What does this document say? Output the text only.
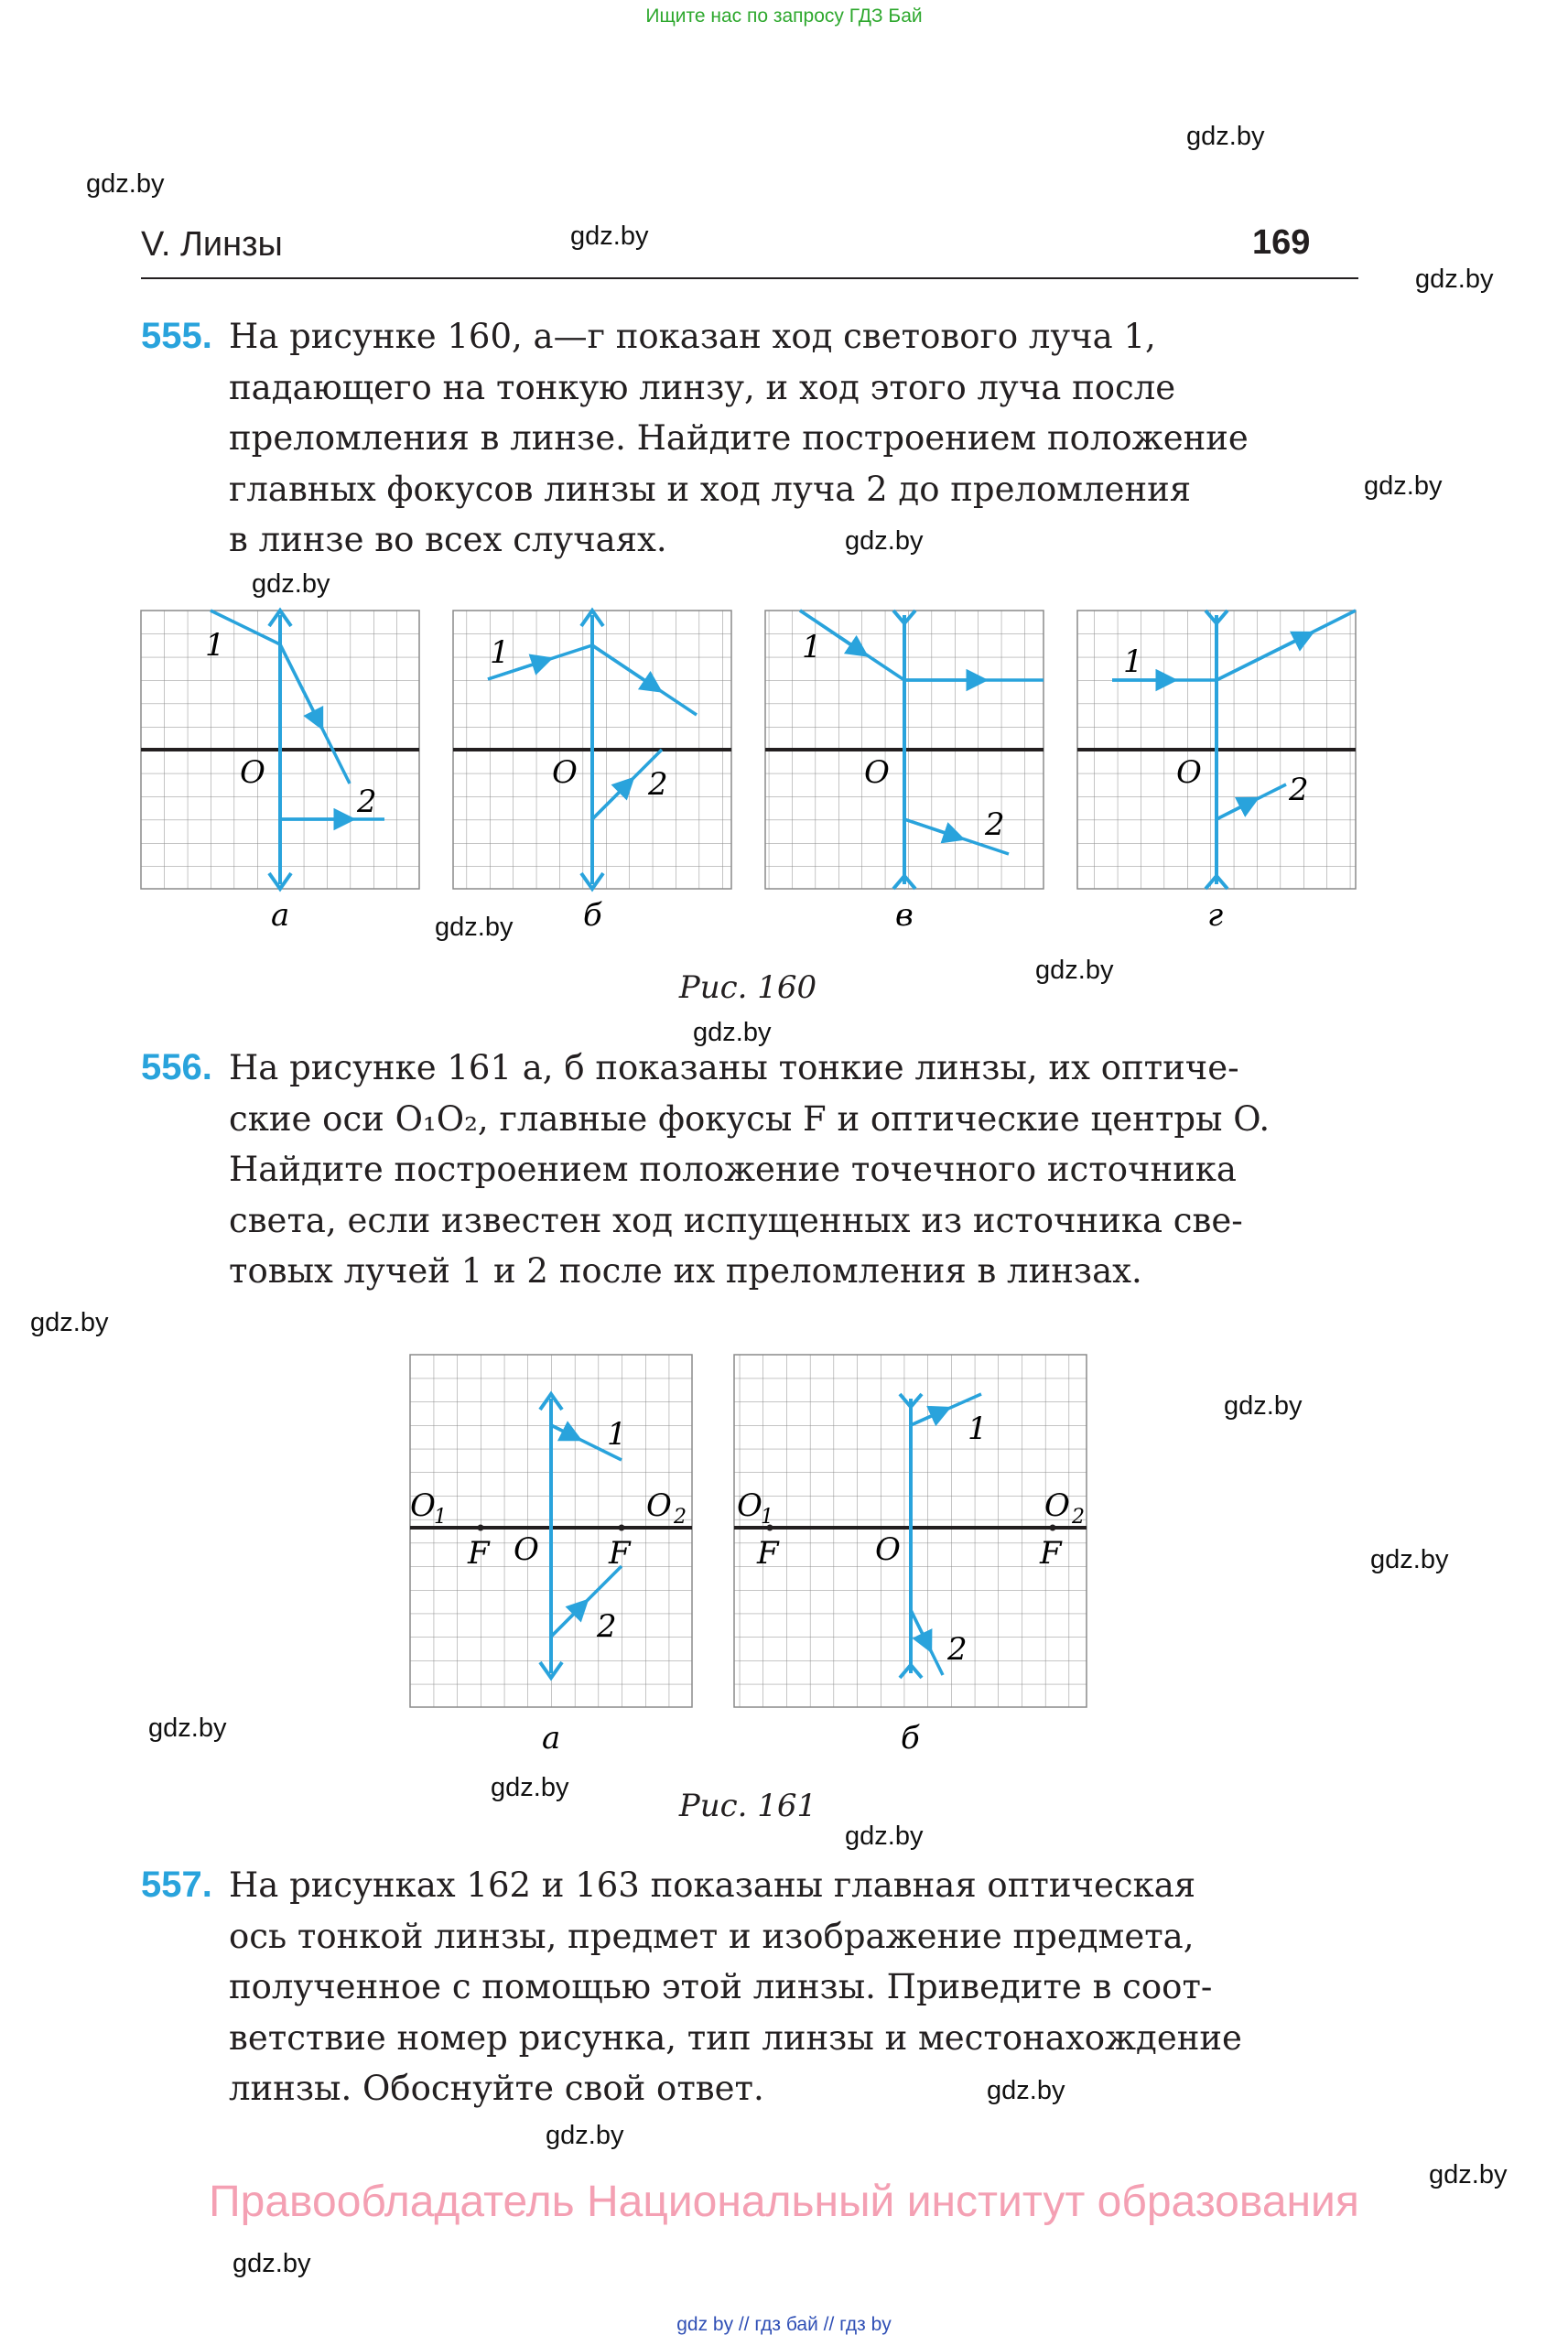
Ищите нас по запросу ГДЗ Бай
gdz.by
gdz.by
gdz.by
gdz.by
gdz.by
gdz.by
gdz.by
gdz.by
gdz.by
gdz.by
gdz.by
gdz.by
gdz.by
gdz.by
gdz.by
gdz.by
gdz.by
gdz.by
gdz.by
gdz.by
V. Линзы	169
555. На рисунке 160, а—г показан ход светового луча 1,
падающего на тонкую линзу, и ход этого луча после
преломления в линзе. Найдите построением положение
главных фокусов линзы и ход луча 2 до преломления
в линзе во всех случаях.
1
2
O
а
1
2
O
б
1
2
O
в
1
2
O
г
Рис. 160
556. На рисунке 161 а, б показаны тонкие линзы, их оптиче-
ские оси O₁O₂, главные фокусы F и оптические центры O.
Найдите построением положение точечного источника
света, если известен ход испущенных из источника све-
товых лучей 1 и 2 после их преломления в линзах.
1
2
O
F	F
O
1	O 2
а
1
2
O
F	F
O
1	O 2
б
Рис. 161
557. На рисунках 162 и 163 показаны главная оптическая
ось тонкой линзы, предмет и изображение предмета,
полученное с помощью этой линзы. Приведите в соот-
ветствие номер рисунка, тип линзы и местонахождение
линзы. Обоснуйте свой ответ.
Правообладатель Национальный институт образования
gdz by // гдз бай // гдз by
